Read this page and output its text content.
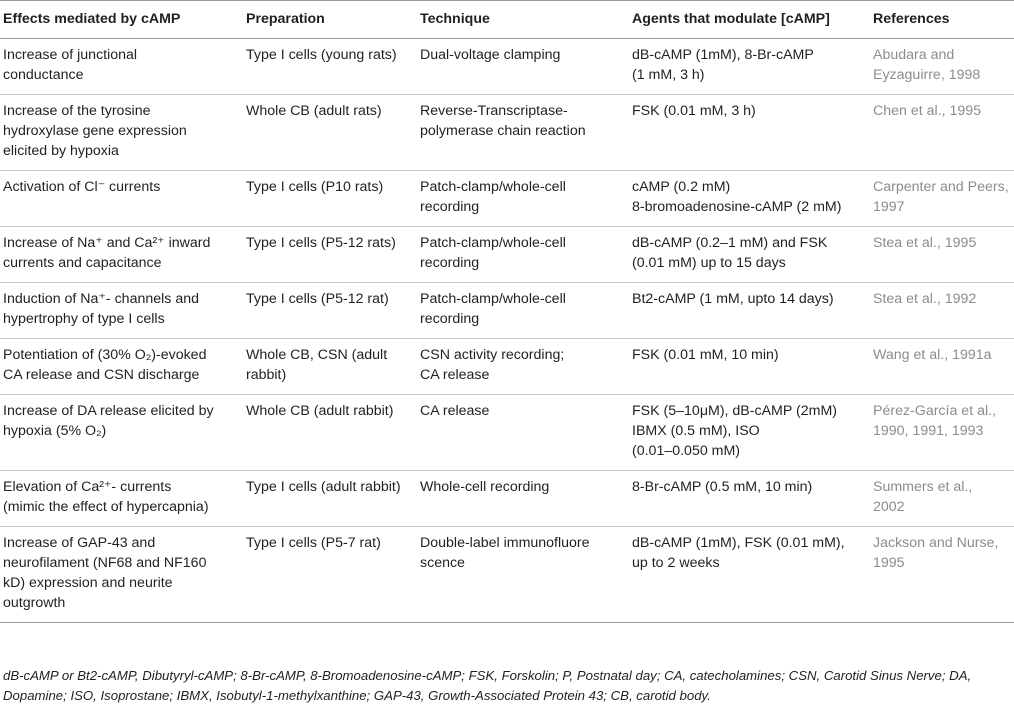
Effects mediated by cAMP	Preparation	Technique	Agents that modulate [cAMP]	References

Increase of junctional
conductance	Type I cells (young rats)	Dual-voltage clamping	dB-cAMP (1mM), 8-Br-cAMP
(1 mM, 3 h)	Abudara and
Eyzaguirre, 1998

Increase of the tyrosine
hydroxylase gene expression
elicited by hypoxia	Whole CB (adult rats)	Reverse-Transcriptase-
polymerase chain reaction	FSK (0.01 mM, 3 h)	Chen et al., 1995

Activation of Cl⁻ currents	Type I cells (P10 rats)	Patch-clamp/whole-cell
recording	cAMP (0.2 mM)
8-bromoadenosine-cAMP (2 mM)	Carpenter and Peers,
1997

Increase of Na⁺ and Ca²⁺ inward
currents and capacitance	Type I cells (P5-12 rats)	Patch-clamp/whole-cell
recording	dB-cAMP (0.2–1 mM) and FSK
(0.01 mM) up to 15 days	Stea et al., 1995

Induction of Na⁺- channels and
hypertrophy of type I cells	Type I cells (P5-12 rat)	Patch-clamp/whole-cell
recording	Bt2-cAMP (1 mM, upto 14 days)	Stea et al., 1992

Potentiation of (30% O₂)-evoked
CA release and CSN discharge	Whole CB, CSN (adult
rabbit)	CSN activity recording;
CA release	FSK (0.01 mM, 10 min)	Wang et al., 1991a

Increase of DA release elicited by
hypoxia (5% O₂)	Whole CB (adult rabbit)	CA release	FSK (5–10μM), dB-cAMP (2mM)
IBMX (0.5 mM), ISO
(0.01–0.050 mM)	Pérez-García et al.,
1990, 1991, 1993

Elevation of Ca²⁺- currents
(mimic the effect of hypercapnia)	Type I cells (adult rabbit)	Whole-cell recording	8-Br-cAMP (0.5 mM, 10 min)	Summers et al.,
2002

Increase of GAP-43 and
neurofilament (NF68 and NF160
kD) expression and neurite
outgrowth	Type I cells (P5-7 rat)	Double-label immunofluore
scence	dB-cAMP (1mM), FSK (0.01 mM),
up to 2 weeks	Jackson and Nurse,
1995
dB-cAMP or Bt2-cAMP, Dibutyryl-cAMP; 8-Br-cAMP, 8-Bromoadenosine-cAMP; FSK, Forskolin; P, Postnatal day; CA, catecholamines; CSN, Carotid Sinus Nerve; DA,
Dopamine; ISO, Isoprostane; IBMX, Isobutyl-1-methylxanthine; GAP-43, Growth-Associated Protein 43; CB, carotid body.
